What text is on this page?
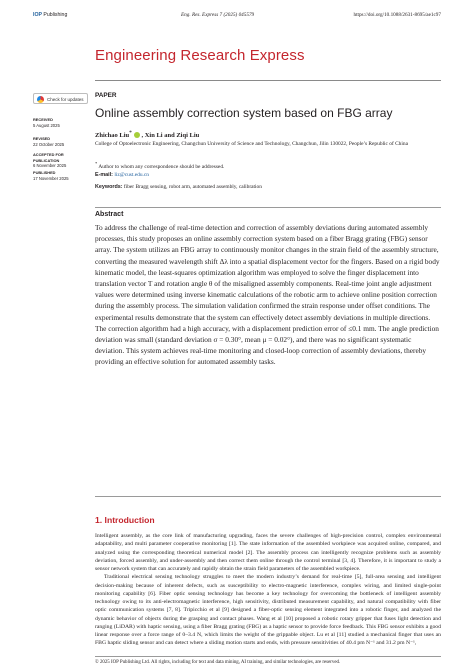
IOP Publishing	Eng. Res. Express 7 (2025) 045579	https://doi.org/10.1088/2631-8695/ae1c97
Engineering Research Express
Check for updates
RECEIVED
5 August 2025
REVISED
22 October 2025
ACCEPTED FOR PUBLICATION
6 November 2025
PUBLISHED
17 November 2025
PAPER
Online assembly correction system based on FBG array
Zhichao Liu* , Xin Li and Ziqi Liu
College of Optoelectronic Engineering, Changchun University of Science and Technology, Changchun, Jilin 130022, People’s Republic of China
* Author to whom any correspondence should be addressed.
E-mail: liz@cust.edu.cn
Keywords: fiber Bragg sensing, robot arm, automated assembly, calibration
Abstract
To address the challenge of real-time detection and correction of assembly deviations during automated assembly processes, this study proposes an online assembly correction system based on a fiber Bragg grating (FBG) sensor array. The system utilizes an FBG array to continuously monitor changes in the strain field of the assembly structure, converting the measured wavelength shift Δλ into a spatial displacement vector for the fingers. Based on a rigid body kinematic model, the least-squares optimization algorithm was employed to solve the finger displacement into translation vector T and rotation angle θ of the misaligned assembly components. Real-time joint angle adjustment values were determined using inverse kinematic calculations of the robotic arm to achieve online position correction during the assembly process. The simulation validation confirmed the strain response under offset conditions. The experimental results demonstrate that the system can effectively detect assembly deviations in multiple directions. The correction algorithm had a high accuracy, with a displacement prediction error of ≤0.1 mm. The angle prediction deviation was small (standard deviation σ = 0.30°, mean μ = 0.02°), and there was no significant systematic deviation. This system achieves real-time monitoring and closed-loop correction of assembly deviations, thereby providing an effective solution for automated assembly tasks.
1. Introduction

Intelligent assembly, as the core link of manufacturing upgrading, faces the severe challenges of high-precision control, complex environmental adaptability, and multi parameter cooperative monitoring [1]. The state information of the assembled workpiece was acquired online, compared, and analyzed using the corresponding theoretical numerical model [2]. The assembly process can intelligently recognize problems such as assembly deviation, forced assembly, and under-assembly and then correct them online through the control terminal [3, 4]. Therefore, it is important to study a sensor network system that can accurately and rapidly obtain the strain field parameters of the assembled workpiece.

Traditional electrical sensing technology struggles to meet the modern industry’s demand for real-time [5], full-area sensing and intelligent decision-making because of inherent defects, such as susceptibility to electro-magnetic interference, complex wiring, and limited single-point monitoring capability [6]. Fiber optic sensing technology has become a key technology for overcoming the bottleneck of intelligent assembly technology owing to its anti-electromagnetic interference, high sensitivity, distributed measurement capability, and natural compatibility with fiber optic communication systems [7, 8]. Tripicchio et al [9] designed a fiber-optic sensing element integrated into a robotic finger, and analyzed the dynamic behavior of objects during the grasping and contact phases. Wang et al [10] proposed a robotic rotary gripper that fuses light detection and ranging (LiDAR) with haptic sensing, using a fiber Bragg grating (FBG) as a haptic sensor to provide force feedback. This FBG sensor exhibits a good linear response over a force range of 0–3.4 N, which limits the weight of the grippable object. Lu et al [11] studied a mechanical finger that uses an FBG haptic sliding sensor and can detect where a sliding motion starts and ends, with pressure sensitivities of 40.4 pm N⁻¹ and 31.2 pm N⁻¹,

© 2025 IOP Publishing Ltd. All rights, including for text and data mining, AI training, and similar technologies, are reserved.
